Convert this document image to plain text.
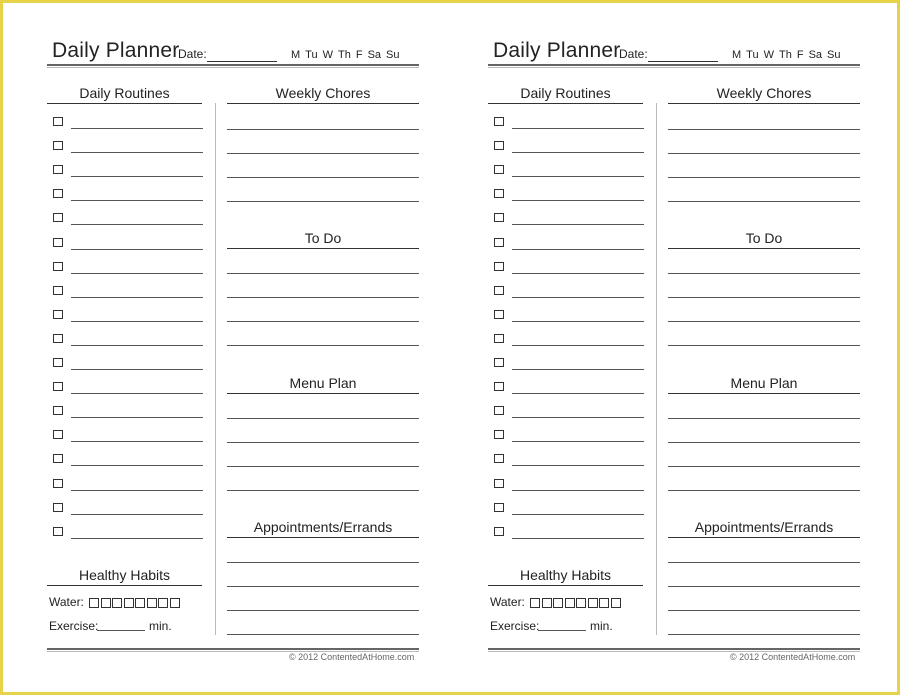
Daily Planner
Date:	M Tu W Th F Sa Su
Daily Routines
Healthy Habits
Water:
Exercise:	min.
Weekly Chores
To Do
Menu Plan
Appointments/Errands
© 2012 ContentedAtHome.com
Daily Planner
Date:	M Tu W Th F Sa Su
Daily Routines
Healthy Habits
Water:
Exercise:	min.
Weekly Chores
To Do
Menu Plan
Appointments/Errands
© 2012 ContentedAtHome.com
